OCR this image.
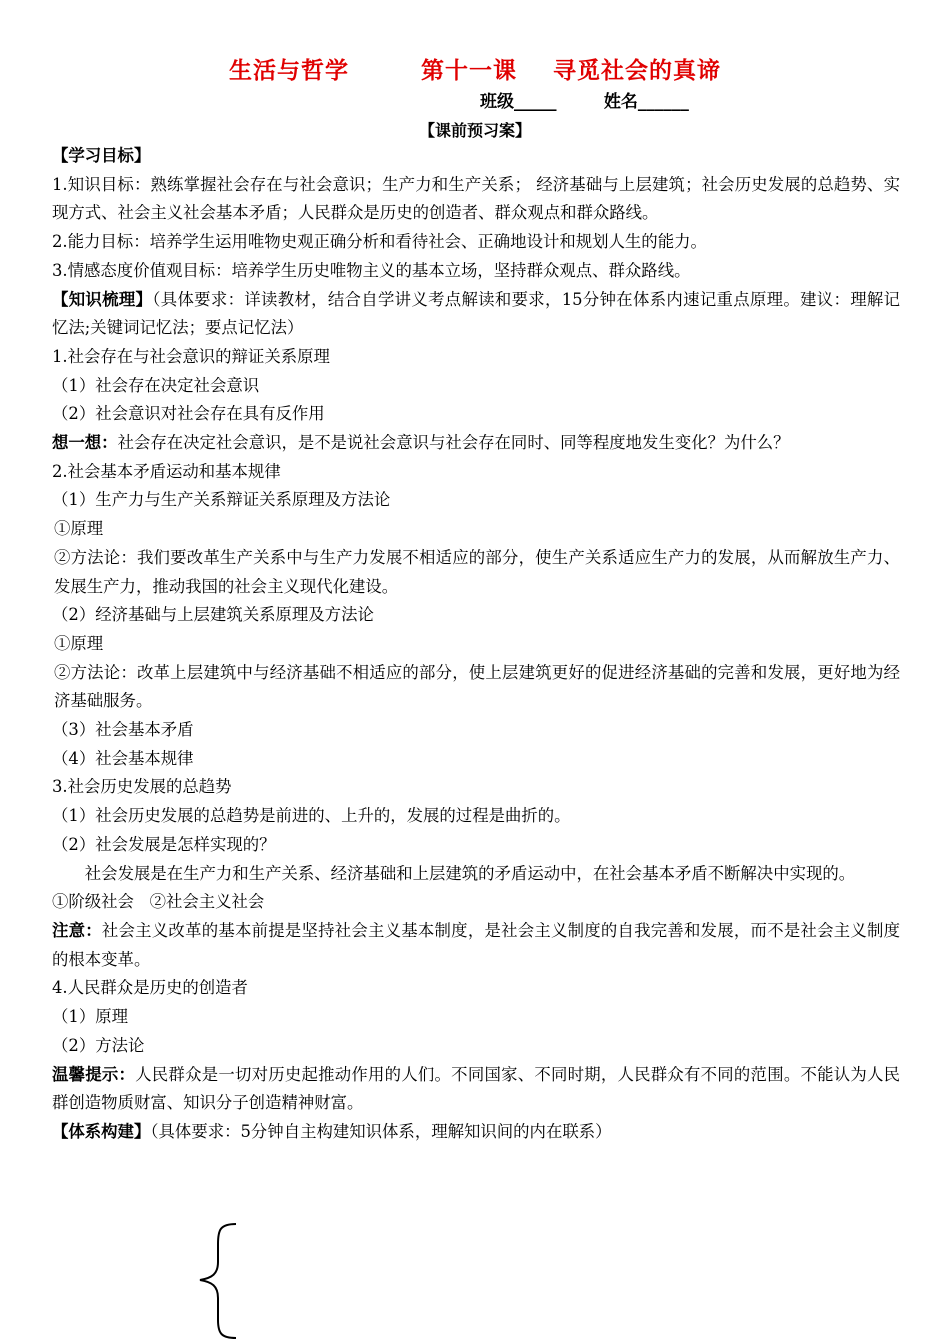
生活与哲学        第十一课    寻觅社会的真谛
班级_____        姓名______
【课前预习案】

【学习目标】

1.知识目标：熟练掌握社会存在与社会意识；生产力和生产关系； 经济基础与上层建筑；社会历史发展的总趋势、实现方式、社会主义社会基本矛盾；人民群众是历史的创造者、群众观点和群众路线。

2.能力目标：培养学生运用唯物史观正确分析和看待社会、正确地设计和规划人生的能力。

3.情感态度价值观目标：培养学生历史唯物主义的基本立场，坚持群众观点、群众路线。

【知识梳理】（具体要求：详读教材，结合自学讲义考点解读和要求，15分钟在体系内速记重点原理。建议：理解记忆法;关键词记忆法；要点记忆法）

1.社会存在与社会意识的辩证关系原理

（1）社会存在决定社会意识

（2）社会意识对社会存在具有反作用

想一想：社会存在决定社会意识，是不是说社会意识与社会存在同时、同等程度地发生变化？为什么？

2.社会基本矛盾运动和基本规律

（1）生产力与生产关系辩证关系原理及方法论

①原理

②方法论：我们要改革生产关系中与生产力发展不相适应的部分，使生产关系适应生产力的发展，从而解放生产力、发展生产力，推动我国的社会主义现代化建设。

（2）经济基础与上层建筑关系原理及方法论

①原理

②方法论：改革上层建筑中与经济基础不相适应的部分，使上层建筑更好的促进经济基础的完善和发展，更好地为经济基础服务。

（3）社会基本矛盾

（4）社会基本规律

3.社会历史发展的总趋势

（1）社会历史发展的总趋势是前进的、上升的，发展的过程是曲折的。

（2）社会发展是怎样实现的？

社会发展是在生产力和生产关系、经济基础和上层建筑的矛盾运动中，在社会基本矛盾不断解决中实现的。

①阶级社会   ②社会主义社会

注意：社会主义改革的基本前提是坚持社会主义基本制度，是社会主义制度的自我完善和发展，而不是社会主义制度的根本变革。

4.人民群众是历史的创造者

（1）原理

（2）方法论

温馨提示：人民群众是一切对历史起推动作用的人们。不同国家、不同时期，人民群众有不同的范围。不能认为人民群创造物质财富、知识分子创造精神财富。

【体系构建】（具体要求：5分钟自主构建知识体系，理解知识间的内在联系）
